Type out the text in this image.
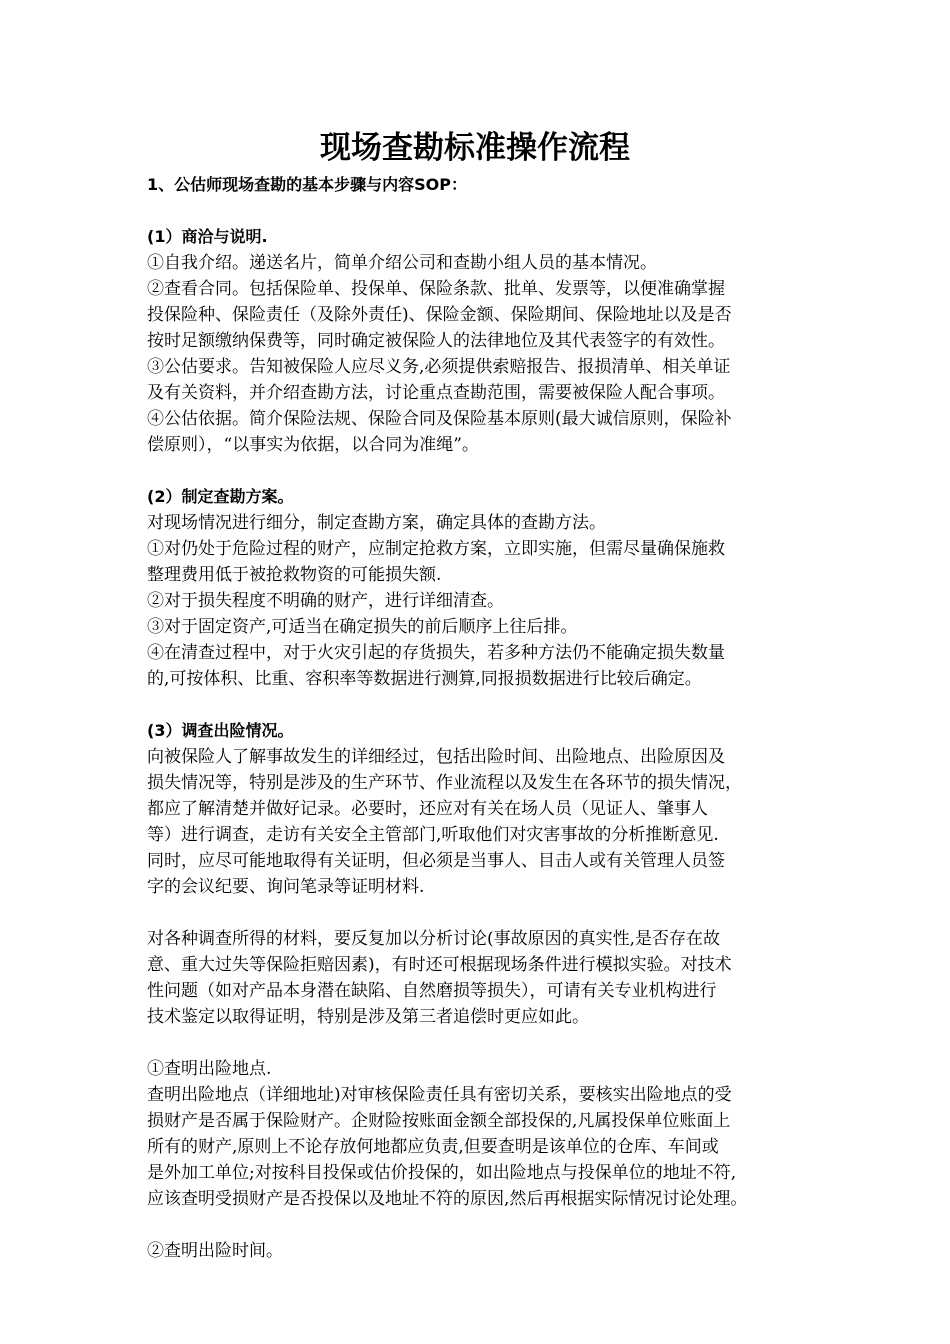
现场查勘标准操作流程

1、公估师现场查勘的基本步骤与内容SOP：

(1）商洽与说明.

①自我介绍。递送名片，简单介绍公司和查勘小组人员的基本情况。

②查看合同。包括保险单、投保单、保险条款、批单、发票等，以便准确掌握

投保险种、保险责任（及除外责任)、保险金额、保险期间、保险地址以及是否

按时足额缴纳保费等，同时确定被保险人的法律地位及其代表签字的有效性。

③公估要求。告知被保险人应尽义务,必须提供索赔报告、报损清单、相关单证

及有关资料，并介绍查勘方法，讨论重点查勘范围，需要被保险人配合事项。

④公估依据。简介保险法规、保险合同及保险基本原则(最大诚信原则，保险补

偿原则），“以事实为依据，以合同为准绳”。

(2）制定查勘方案。

对现场情况进行细分，制定查勘方案，确定具体的查勘方法。

①对仍处于危险过程的财产，应制定抢救方案，立即实施，但需尽量确保施救

整理费用低于被抢救物资的可能损失额.

②对于损失程度不明确的财产，进行详细清查。

③对于固定资产,可适当在确定损失的前后顺序上往后排。

④在清查过程中，对于火灾引起的存货损失，若多种方法仍不能确定损失数量

的,可按体积、比重、容积率等数据进行测算,同报损数据进行比较后确定。

(3）调查出险情况。

向被保险人了解事故发生的详细经过，包括出险时间、出险地点、出险原因及

损失情况等，特别是涉及的生产环节、作业流程以及发生在各环节的损失情况，

都应了解清楚并做好记录。必要时，还应对有关在场人员（见证人、肇事人

等）进行调查，走访有关安全主管部门,听取他们对灾害事故的分析推断意见.

同时，应尽可能地取得有关证明，但必须是当事人、目击人或有关管理人员签

字的会议纪要、询问笔录等证明材料.

对各种调查所得的材料，要反复加以分析讨论(事故原因的真实性,是否存在故

意、重大过失等保险拒赔因素)，有时还可根据现场条件进行模拟实验。对技术

性问题（如对产品本身潜在缺陷、自然磨损等损失），可请有关专业机构进行

技术鉴定以取得证明，特别是涉及第三者追偿时更应如此。

①查明出险地点.

查明出险地点（详细地址)对审核保险责任具有密切关系，要核实出险地点的受

损财产是否属于保险财产。企财险按账面金额全部投保的,凡属投保单位账面上

所有的财产,原则上不论存放何地都应负责,但要查明是该单位的仓库、车间或

是外加工单位;对按科目投保或估价投保的，如出险地点与投保单位的地址不符,

应该查明受损财产是否投保以及地址不符的原因,然后再根据实际情况讨论处理。

②查明出险时间。
